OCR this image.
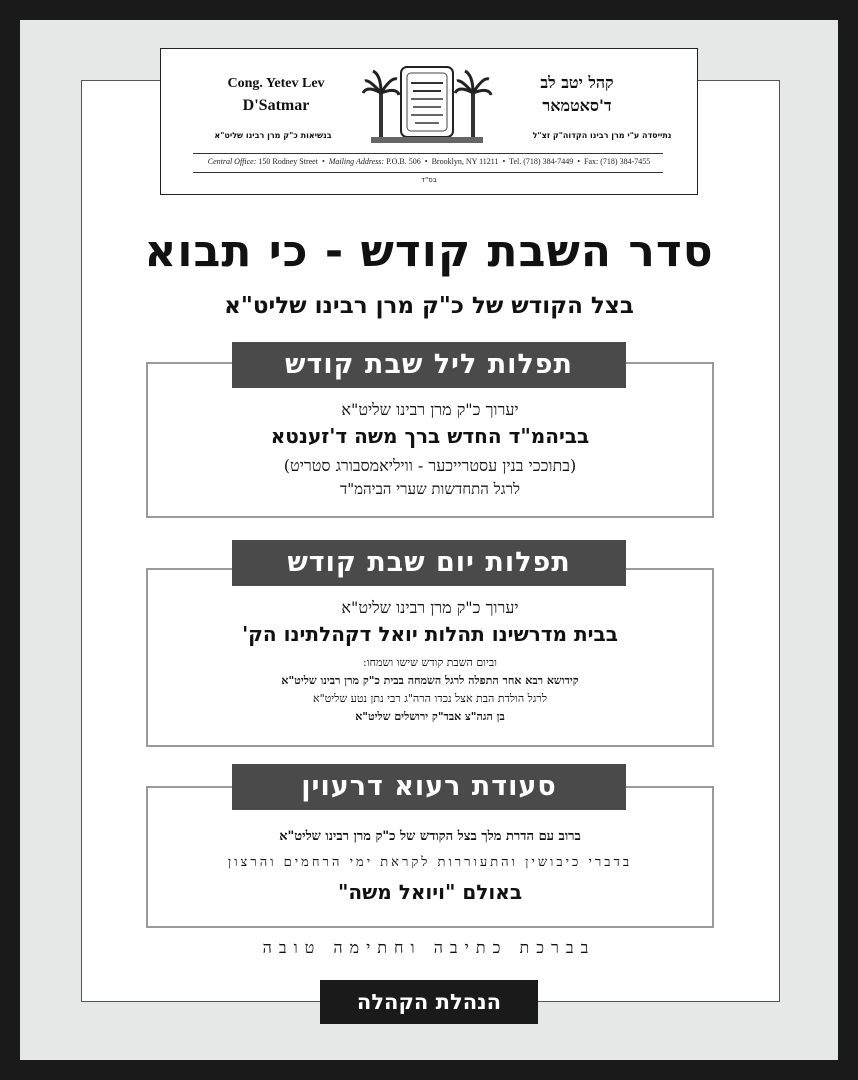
Cong. Yetev Lev
D'Satmar
קהל יטב לב
ד'סאטמאר
בנשיאות כ"ק מרן רבינו שליט"א	נתייסדה ע"י מרן רבינו הקדוה"ק זצ"ל
Central Office: 150 Rodney Street  •  Mailing Address: P.O.B. 506  •  Brooklyn, NY 11211  •  Tel. (718) 384-7449  •  Fax: (718) 384-7455
בס"ד
סדר השבת קודש - כי תבוא
בצל הקודש של כ"ק מרן רבינו שליט"א
יערוך כ"ק מרן רבינו שליט"א
בביהמ"ד החדש ברך משה ד'זענטא
(בתוככי בנין עסטרייכער - וויליאמסבורג סטריט)
לרגל התחדשות שערי הביהמ"ד
תפלות ליל שבת קודש
יערוך כ"ק מרן רבינו שליט"א
בבית מדרשינו תהלות יואל דקהלתינו הק'
וביום השבת קודש שישו ושמחו:
קידושא רבא אחר התפלה לרגל השמחה בבית כ"ק מרן רבינו שליט"א
לרגל הולדת הבת אצל נכדו הרה"ג רבי נתן נטע שליט"א
בן הגה"צ אבד"ק ירושלים שליט"א
תפלות יום שבת קודש
ברוב עם הדרת מלך בצל הקודש של כ"ק מרן רבינו שליט"א
בדברי כיבושין והתעוררות לקראת ימי הרחמים והרצון
באולם "ויואל משה"
סעודת רעוא דרעוין
בברכת כתיבה וחתימה טובה
הנהלת הקהלה
